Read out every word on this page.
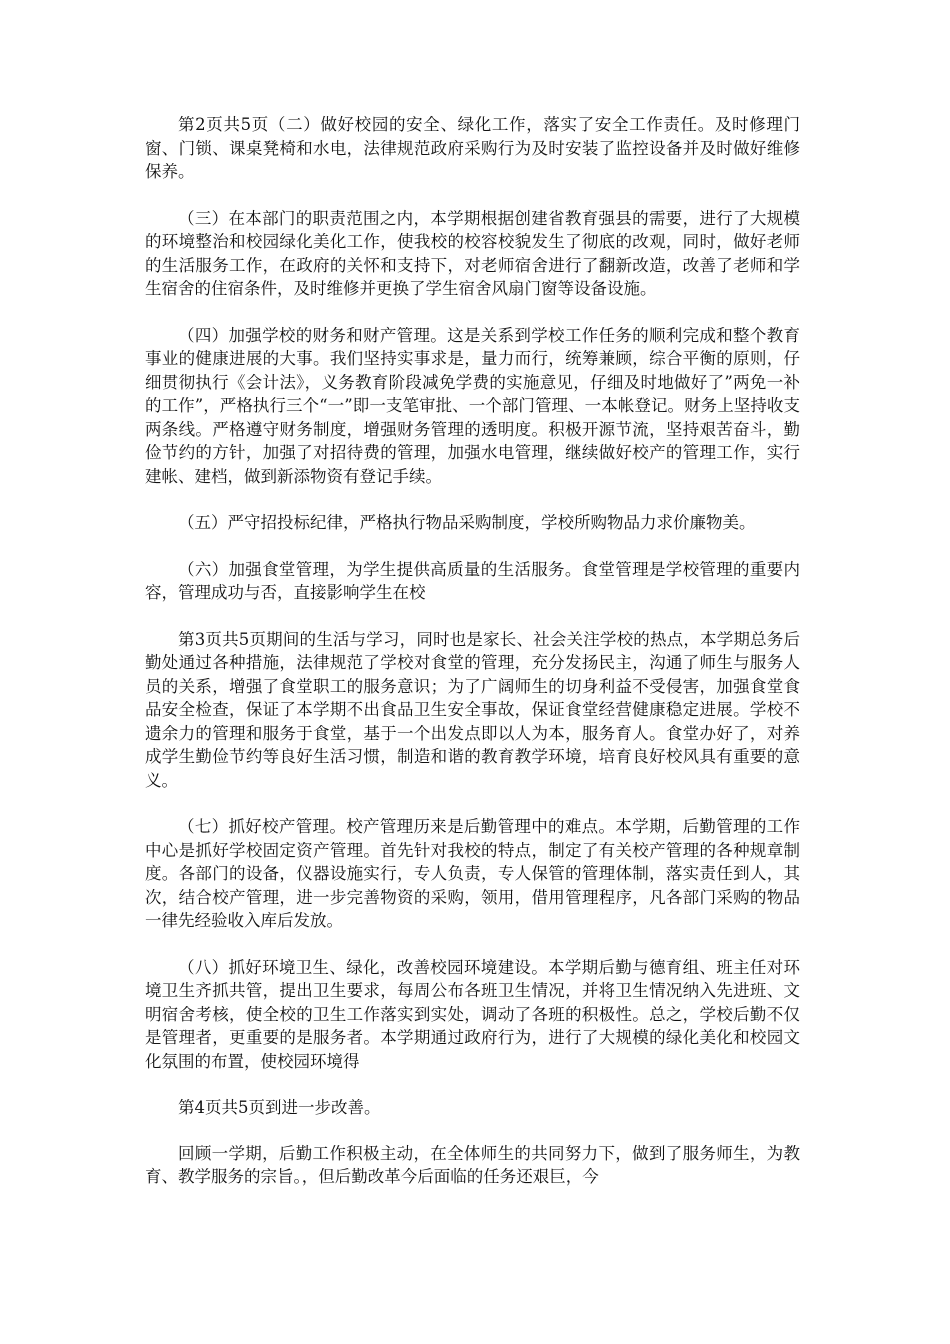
第2页共5页（二）做好校园的安全、绿化工作，落实了安全工作责任。及时修理门窗、门锁、课桌凳椅和水电，法律规范政府采购行为及时安装了监控设备并及时做好维修保养。

（三）在本部门的职责范围之内，本学期根据创建省教育强县的需要，进行了大规模的环境整治和校园绿化美化工作，使我校的校容校貌发生了彻底的改观，同时，做好老师的生活服务工作，在政府的关怀和支持下，对老师宿舍进行了翻新改造，改善了老师和学生宿舍的住宿条件，及时维修并更换了学生宿舍风扇门窗等设备设施。

（四）加强学校的财务和财产管理。这是关系到学校工作任务的顺利完成和整个教育事业的健康进展的大事。我们坚持实事求是，量力而行，统筹兼顾，综合平衡的原则，仔细贯彻执行《会计法》，义务教育阶段减免学费的实施意见，仔细及时地做好了”两免一补的工作”，严格执行三个“一”即一支笔审批、一个部门管理、一本帐登记。财务上坚持收支两条线。严格遵守财务制度，增强财务管理的透明度。积极开源节流，坚持艰苦奋斗，勤俭节约的方针，加强了对招待费的管理，加强水电管理，继续做好校产的管理工作，实行建帐、建档，做到新添物资有登记手续。

（五）严守招投标纪律，严格执行物品采购制度，学校所购物品力求价廉物美。

（六）加强食堂管理，为学生提供高质量的生活服务。食堂管理是学校管理的重要内容，管理成功与否，直接影响学生在校

第3页共5页期间的生活与学习，同时也是家长、社会关注学校的热点，本学期总务后勤处通过各种措施，法律规范了学校对食堂的管理，充分发扬民主，沟通了师生与服务人员的关系，增强了食堂职工的服务意识；为了广阔师生的切身利益不受侵害，加强食堂食品安全检查，保证了本学期不出食品卫生安全事故，保证食堂经营健康稳定进展。学校不遗余力的管理和服务于食堂，基于一个出发点即以人为本，服务育人。食堂办好了，对养成学生勤俭节约等良好生活习惯，制造和谐的教育教学环境，培育良好校风具有重要的意义。

（七）抓好校产管理。校产管理历来是后勤管理中的难点。本学期，后勤管理的工作中心是抓好学校固定资产管理。首先针对我校的特点，制定了有关校产管理的各种规章制度。各部门的设备，仪器设施实行，专人负责，专人保管的管理体制，落实责任到人，其次，结合校产管理，进一步完善物资的采购，领用，借用管理程序，凡各部门采购的物品一律先经验收入库后发放。

（八）抓好环境卫生、绿化，改善校园环境建设。本学期后勤与德育组、班主任对环境卫生齐抓共管，提出卫生要求，每周公布各班卫生情况，并将卫生情况纳入先进班、文明宿舍考核，使全校的卫生工作落实到实处，调动了各班的积极性。总之，学校后勤不仅是管理者，更重要的是服务者。本学期通过政府行为，进行了大规模的绿化美化和校园文化氛围的布置，使校园环境得

第4页共5页到进一步改善。

回顾一学期，后勤工作积极主动，在全体师生的共同努力下，做到了服务师生，为教育、教学服务的宗旨。，但后勤改革今后面临的任务还艰巨，今
